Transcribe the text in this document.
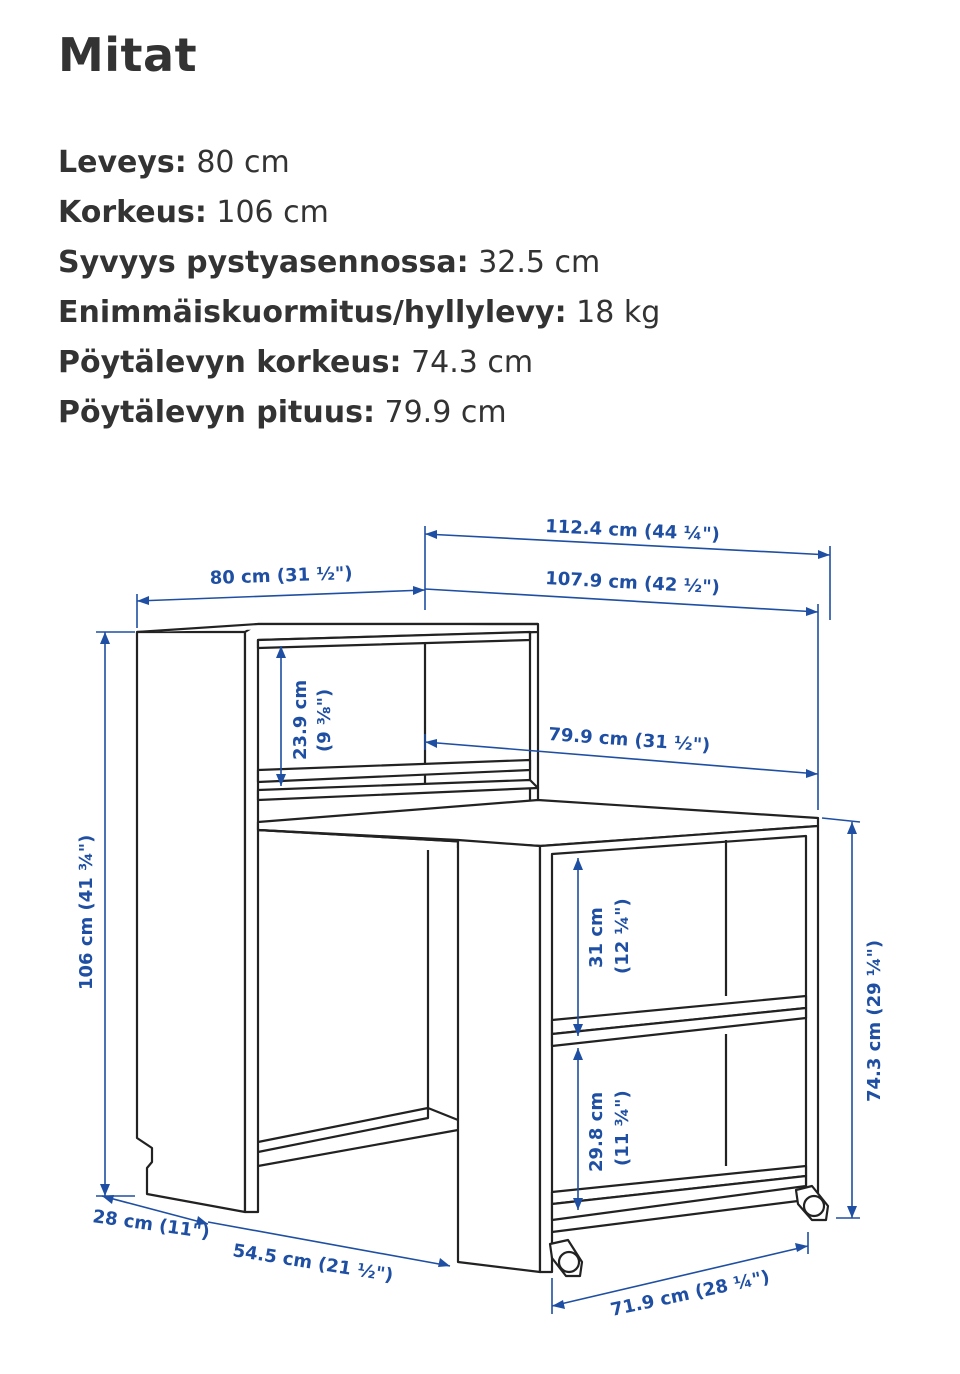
Mitat
Leveys: 80 cm
Korkeus: 106 cm
Syvyys pystyasennossa: 32.5 cm
Enimmäiskuormitus/hyllylevy: 18 kg
Pöytälevyn korkeus: 74.3 cm
Pöytälevyn pituus: 79.9 cm
112.4 cm (44 ¼")
80 cm (31 ½")	107.9 cm (42 ½")
79.9 cm (31 ½")
23.9 cm (9 ⅜")
106 cm (41 ¾")	31 cm (12 ¼")
29.8 cm (11 ¾")
74.3 cm (29 ¼")
28 cm (11")
54.5 cm (21 ½")
71.9 cm (28 ¼")
